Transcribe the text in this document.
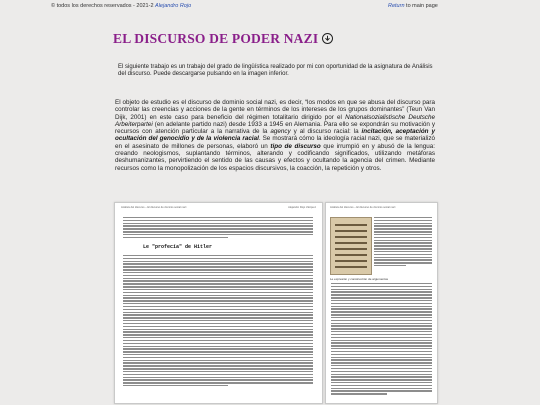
© todos los derechos reservados - 2021-2 Alejandro Rojo	Return to main page
EL DISCURSO DE PODER NAZI
El siguiente trabajo es un trabajo del grado de lingüística realizado por mi con oportunidad de la asignatura de Análisis del discurso. Puede descargarse pulsando en la imagen inferior.
El objeto de estudio es el discurso de dominio social nazi, es decir, “los modos en que se abusa del discurso para controlar las creencias y acciones de la gente en términos de los intereses de los grupos dominantes” (Teun Van Dijk, 2001) en este caso para beneficio del régimen totalitario dirigido por el Nationalsozialistische Deutsche Arbeiterpartei (en adelante partido nazi) desde 1933 a 1945 en Alemania. Para ello se expondrán su motivación y recursos con atención particular a la narrativa de la agency y al discurso racial: la incitación, aceptación y ocultación del genocidio y de la violencia racial. Se mostrará cómo la ideología racial nazi, que se materializó en el asesinato de millones de personas, elaboró un tipo de discurso que irrumpió en y abusó de la lengua: creando neologismos, suplantando términos, alterando y codificando significados, utilizando metáforas deshumanizantes, pervirtiendo el sentido de las causas y efectos y ocultando la agencia del crimen. Mediante recursos como la monopolización de los espacios discursivos, la coacción, la repetición y otros.
Análisis del discurso – El discurso de dominio social nazi	Alejandro Rojo Vázquez
Le "profecía" de Hitler
Análisis del discurso – El discurso de dominio social nazi
Le expresión y construcción de argumentos
